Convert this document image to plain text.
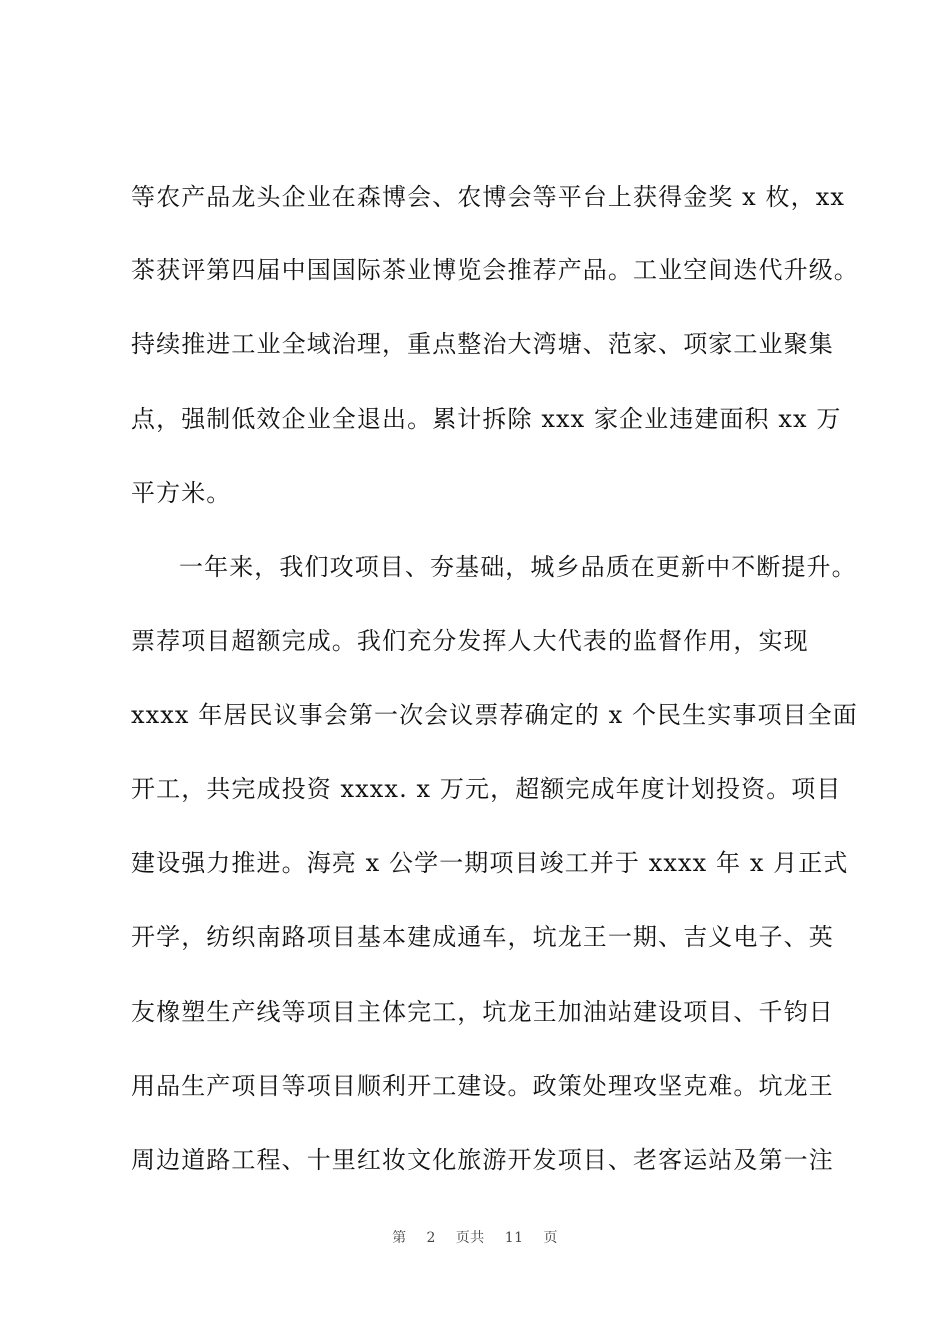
等农产品龙头企业在森博会、农博会等平台上获得金奖 x 枚，xx

茶获评第四届中国国际茶业博览会推荐产品。工业空间迭代升级。

持续推进工业全域治理，重点整治大湾塘、范家、项家工业聚集

点，强制低效企业全退出。累计拆除 xxx 家企业违建面积 xx 万

平方米。

一年来，我们攻项目、夯基础，城乡品质在更新中不断提升。

票荐项目超额完成。我们充分发挥人大代表的监督作用，实现

xxxx 年居民议事会第一次会议票荐确定的 x 个民生实事项目全面

开工，共完成投资 xxxx. x 万元，超额完成年度计划投资。项目

建设强力推进。海亮 x 公学一期项目竣工并于 xxxx 年 x 月正式

开学，纺织南路项目基本建成通车，坑龙王一期、吉义电子、英

友橡塑生产线等项目主体完工，坑龙王加油站建设项目、千钧日

用品生产项目等项目顺利开工建设。政策处理攻坚克难。坑龙王

周边道路工程、十里红妆文化旅游开发项目、老客运站及第一注

第 2 页共 11 页
